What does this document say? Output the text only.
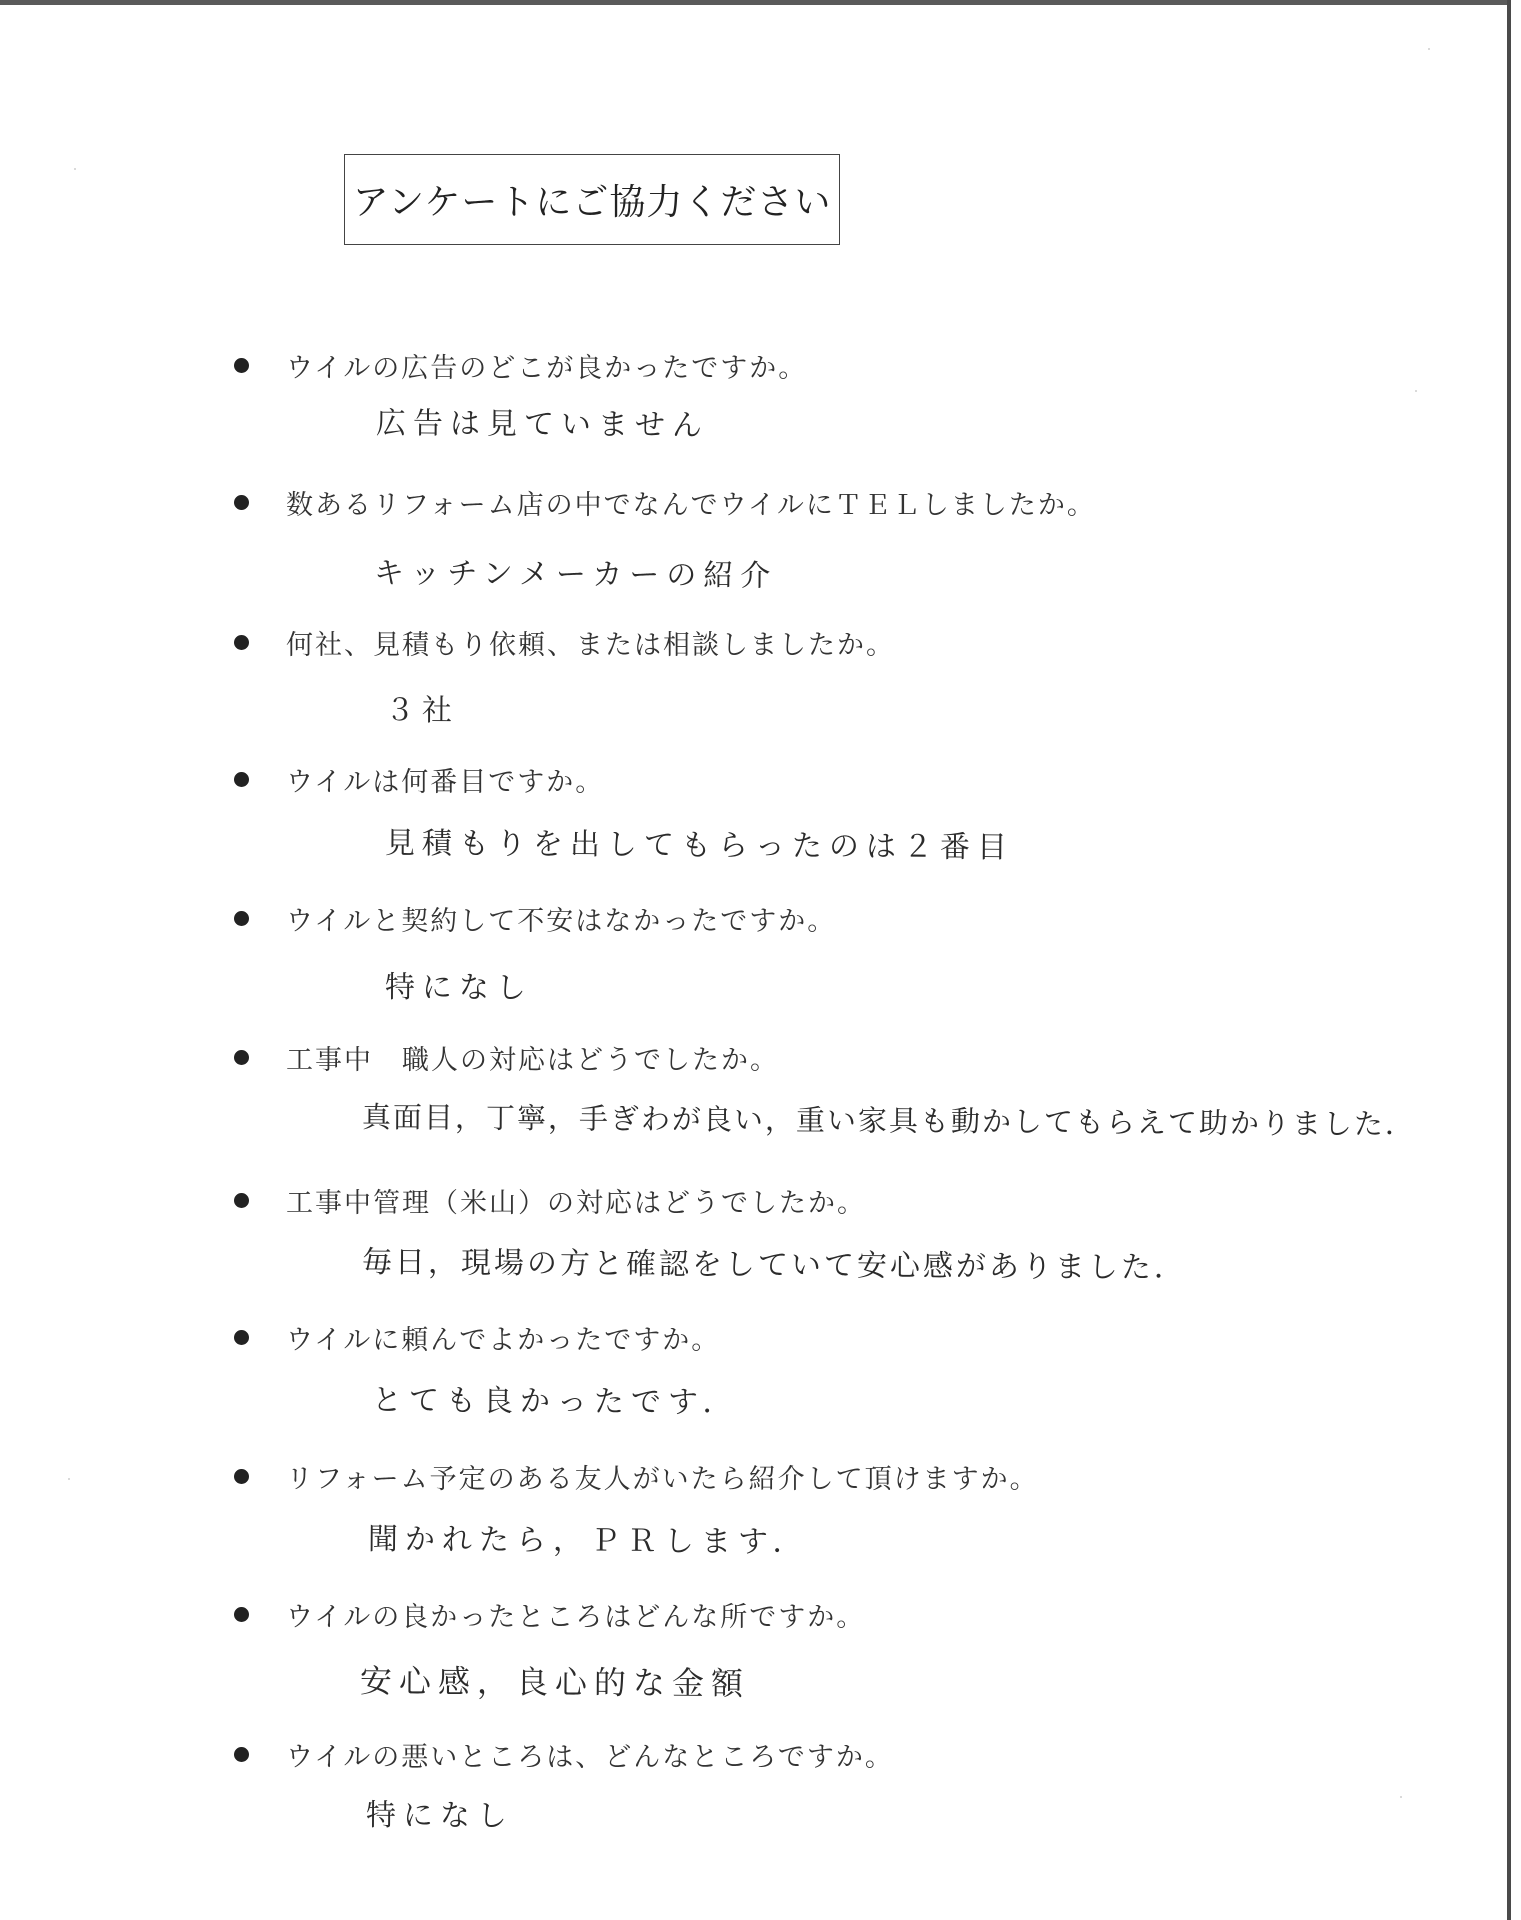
アンケートにご協力ください
ウイルの広告のどこが良かったですか。
広告は見ていません
数あるリフォーム店の中でなんでウイルにＴＥＬしましたか。
キッチンメーカーの紹介
何社、見積もり依頼、または相談しましたか。
３社
ウイルは何番目ですか。
見積もりを出してもらったのは２番目
ウイルと契約して不安はなかったですか。
特になし
工事中　職人の対応はどうでしたか。
真面目，丁寧，手ぎわが良い，重い家具も動かしてもらえて助かりました．
工事中管理（米山）の対応はどうでしたか。
毎日，現場の方と確認をしていて安心感がありました．
ウイルに頼んでよかったですか。
とても良かったです．
リフォーム予定のある友人がいたら紹介して頂けますか。
聞かれたら，ＰＲします．
ウイルの良かったところはどんな所ですか。
安心感，良心的な金額
ウイルの悪いところは、どんなところですか。
特になし
